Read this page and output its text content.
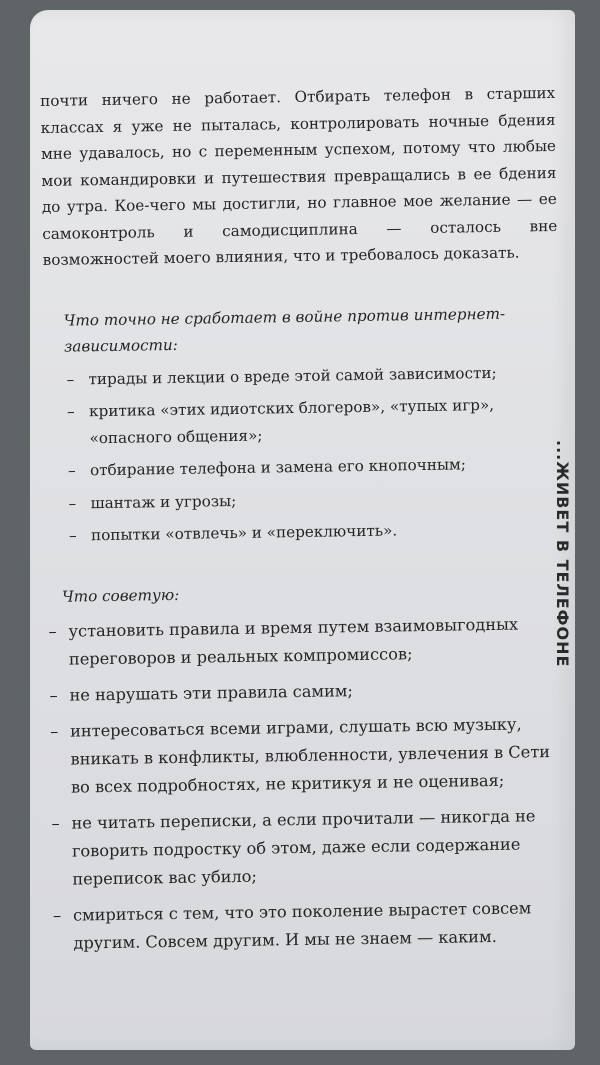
почти ничего не работает. Отбирать телефон в старших классах я уже не пыталась, контролировать ночные бдения мне удавалось, но с переменным успехом, потому что любые мои командировки и путешествия превращались в ее бдения до утра. Кое-чего мы достигли, но главное мое желание — ее самоконтроль и самодисциплина — осталось вне возможностей моего влияния, что и требовалось доказать.

Что точно не сработает в войне против интернет-зависимости:

– тирады и лекции о вреде этой самой зависимости;
– критика «этих идиотских блогеров», «тупых игр», «опасного общения»;
– отбирание телефона и замена его кнопочным;
– шантаж и угрозы;
– попытки «отвлечь» и «переключить».

Что советую:

– установить правила и время путем взаимовыгодных переговоров и реальных компромиссов;
– не нарушать эти правила самим;
– интересоваться всеми играми, слушать всю музыку, вникать в конфликты, влюбленности, увлечения в Сети во всех подробностях, не критикуя и не оценивая;
– не читать переписки, а если прочитали — никогда не говорить подростку об этом, даже если содержание переписок вас убило;
– смириться с тем, что это поколение вырастет совсем другим. Совсем другим. И мы не знаем — каким.
...ЖИВЕТ В ТЕЛЕФОНЕ
